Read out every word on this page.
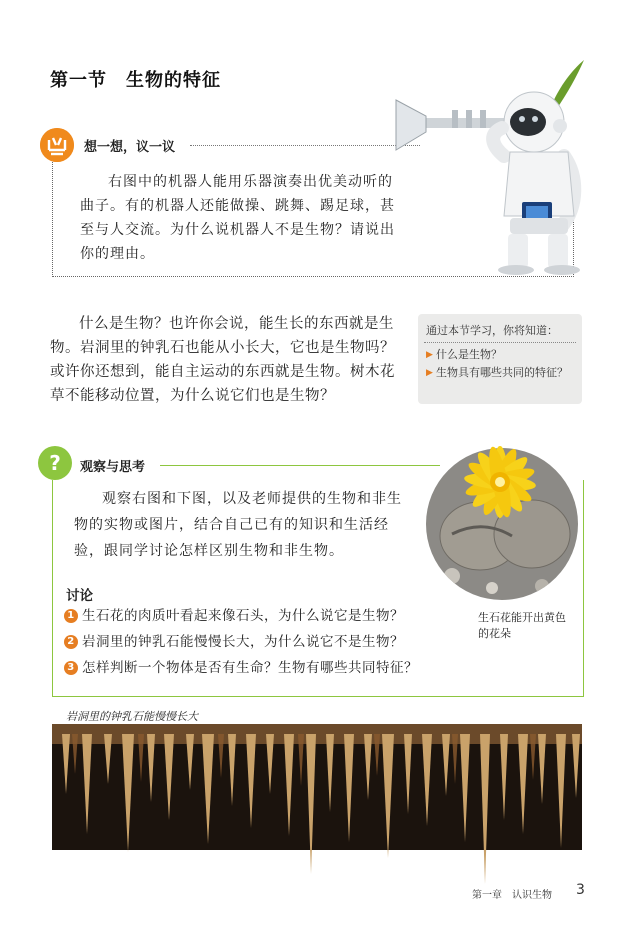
第一节　生物的特征
想一想，议一议
右图中的机器人能用乐器演奏出优美动听的曲子。有的机器人还能做操、跳舞、踢足球，甚至与人交流。为什么说机器人不是生物？请说出你的理由。
什么是生物？也许你会说，能生长的东西就是生物。岩洞里的钟乳石也能从小长大，它也是生物吗？或许你还想到，能自主运动的东西就是生物。树木花草不能移动位置，为什么说它们也是生物？
通过本节学习，你将知道：
▶ 什么是生物？
▶ 生物具有哪些共同的特征？
?	观察与思考
观察右图和下图，以及老师提供的生物和非生物的实物或图片，结合自己已有的知识和生活经验，跟同学讨论怎样区别生物和非生物。
讨论
1 生石花的肉质叶看起来像石头，为什么说它是生物？
2 岩洞里的钟乳石能慢慢长大，为什么说它不是生物？
3 怎样判断一个物体是否有生命？生物有哪些共同特征？
生石花能开出黄色的花朵
岩洞里的钟乳石能慢慢长大
第一章　认识生物 3
